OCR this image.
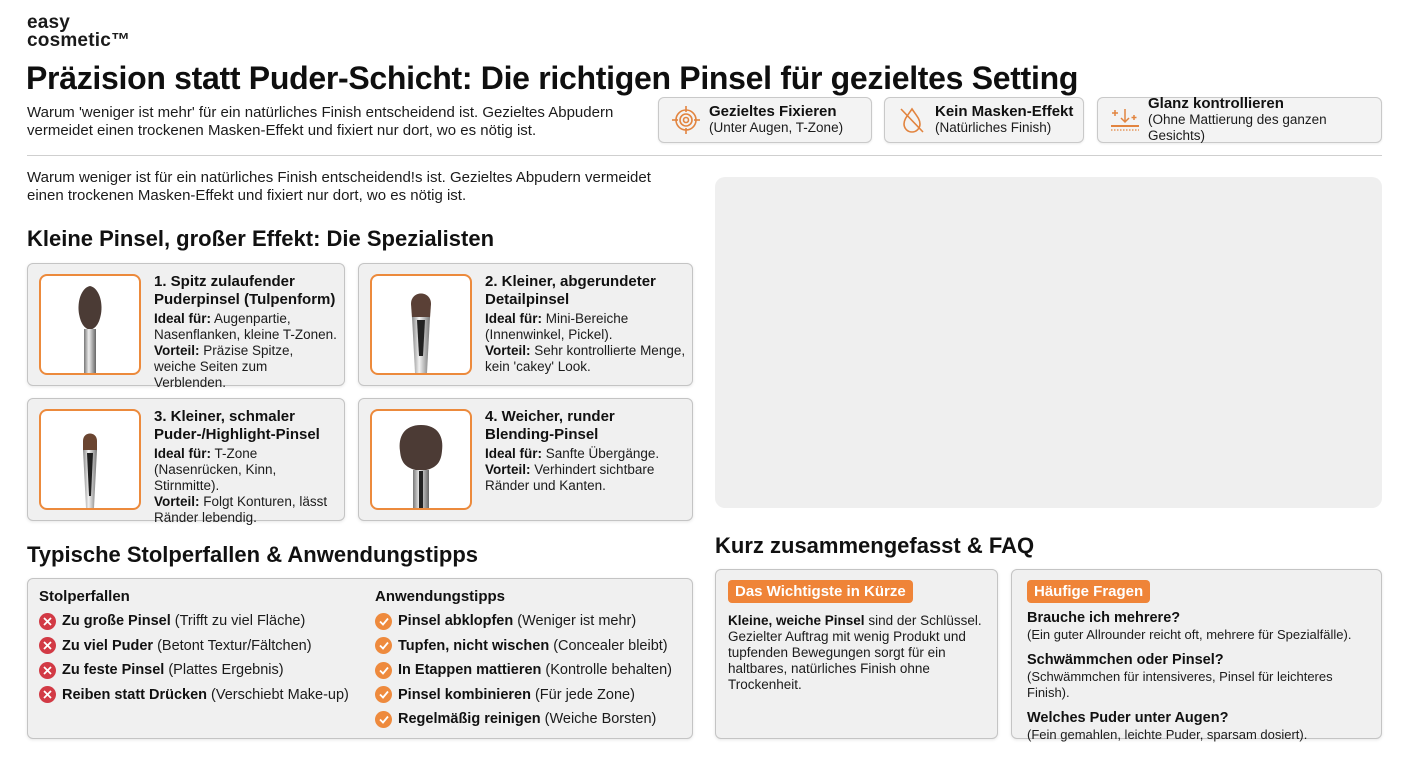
easy
cosmetic™
Präzision statt Puder-Schicht: Die richtigen Pinsel für gezieltes Setting

Warum 'weniger ist mehr' für ein natürliches Finish entscheidend ist. Gezieltes Abpudern vermeidet einen trockenen Masken-Effekt und fixiert nur dort, wo es nötig ist.

Gezieltes Fixieren
(Unter Augen, T-Zone)
Kein Masken-Effekt
(Natürliches Finish)
Glanz kontrollieren
(Ohne Mattierung des ganzen Gesichts)

Warum weniger ist für ein natürliches Finish entscheidend!s ist. Gezieltes Abpudern vermeidet einen trockenen Masken-Effekt und fixiert nur dort, wo es nötig ist.

Kleine Pinsel, großer Effekt: Die Spezialisten
1. Spitz zulaufender Puderpinsel (Tulpenform)
Ideal für: Augenpartie, Nasenflanken, kleine T-Zonen.
Vorteil: Präzise Spitze, weiche Seiten zum Verblenden.
2. Kleiner, abgerundeter Detailpinsel
Ideal für: Mini-Bereiche (Innenwinkel, Pickel).
Vorteil: Sehr kontrollierte Menge, kein 'cakey' Look.
3. Kleiner, schmaler Puder-/Highlight-Pinsel
Ideal für: T-Zone (Nasenrücken, Kinn, Stirnmitte).
Vorteil: Folgt Konturen, lässt Ränder lebendig.
4. Weicher, runder Blending-Pinsel
Ideal für: Sanfte Übergänge.
Vorteil: Verhindert sichtbare Ränder und Kanten.
Typische Stolperfallen & Anwendungstipps
Stolperfallen
Zu große Pinsel (Trifft zu viel Fläche)
Zu viel Puder (Betont Textur/Fältchen)
Zu feste Pinsel (Plattes Ergebnis)
Reiben statt Drücken (Verschiebt Make-up)
Anwendungstipps
Pinsel abklopfen (Weniger ist mehr)
Tupfen, nicht wischen (Concealer bleibt)
In Etappen mattieren (Kontrolle behalten)
Pinsel kombinieren (Für jede Zone)
Regelmäßig reinigen (Weiche Borsten)
Kurz zusammengefasst & FAQ
Das Wichtigste in Kürze

Kleine, weiche Pinsel sind der Schlüssel. Gezielter Auftrag mit wenig Produkt und tupfenden Bewegungen sorgt für ein haltbares, natürliches Finish ohne Trockenheit.

Häufige Fragen
Brauche ich mehrere?
(Ein guter Allrounder reicht oft, mehrere für Spezialfälle).
Schwämmchen oder Pinsel?
(Schwämmchen für intensiveres, Pinsel für leichteres Finish).
Welches Puder unter Augen?
(Fein gemahlen, leichte Puder, sparsam dosiert).
